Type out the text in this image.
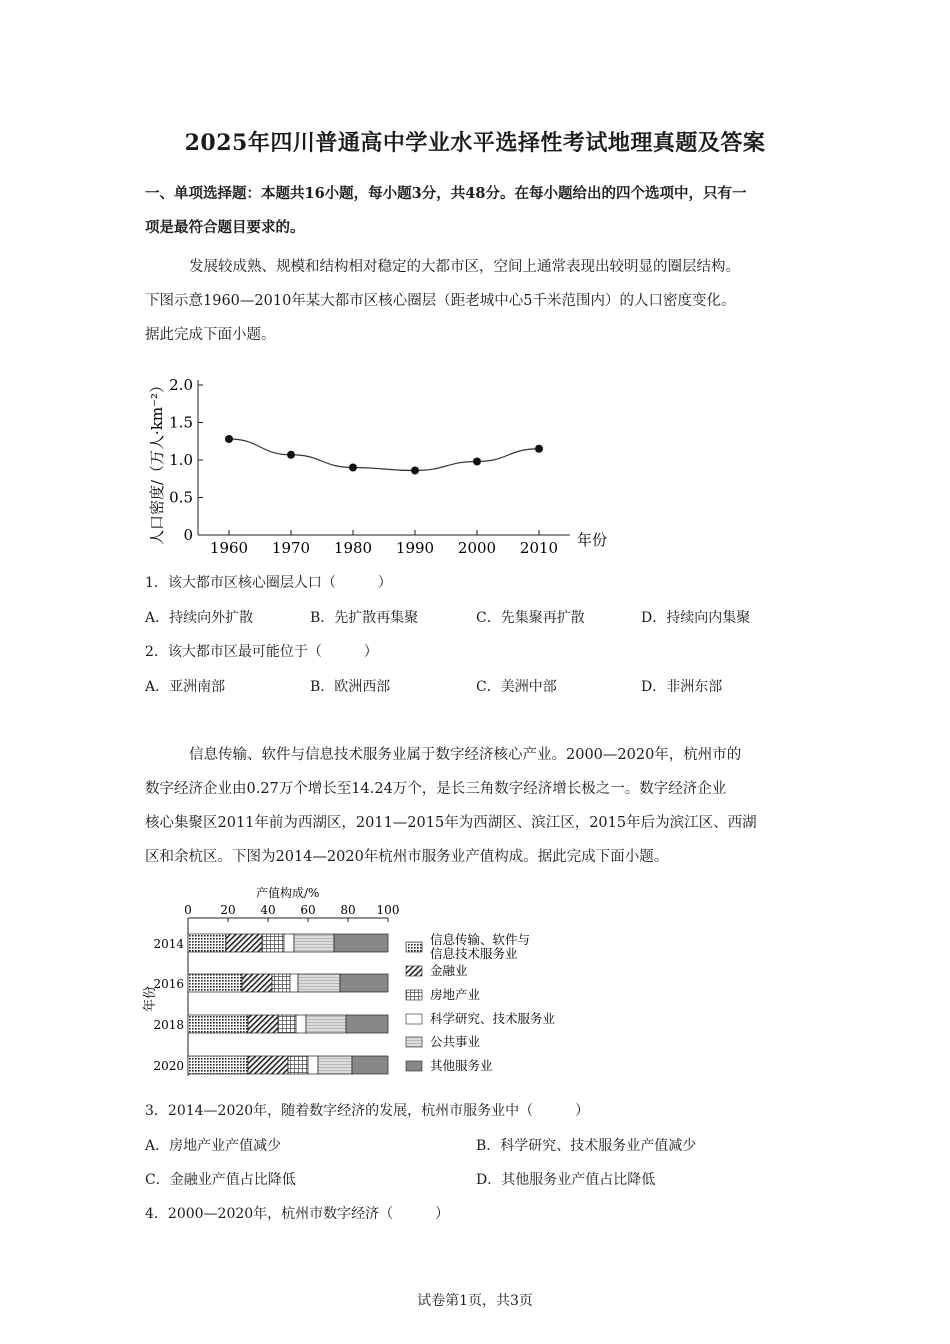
2025年四川普通高中学业水平选择性考试地理真题及答案
一、单项选择题：本题共16小题，每小题3分，共48分。在每小题给出的四个选项中，只有一
项是最符合题目要求的。
发展较成熟、规模和结构相对稳定的大都市区，空间上通常表现出较明显的圈层结构。
下图示意1960—2010年某大都市区核心圈层（距老城中心5千米范围内）的人口密度变化。
据此完成下面小题。
0
0.5
1.0
1.5
2.0
1960 1970 1980 1990 2000 2010 年份
人口密度/（万人·km⁻²）
1．该大都市区核心圈层人口（　　　）
A．持续向外扩散	B．先扩散再集聚	C．先集聚再扩散	D．持续向内集聚
2．该大都市区最可能位于（　　　）
A．亚洲南部	B．欧洲西部	C．美洲中部	D．非洲东部
信息传输、软件与信息技术服务业属于数字经济核心产业。2000—2020年，杭州市的
数字经济企业由0.27万个增长至14.24万个，是长三角数字经济增长极之一。数字经济企业
核心集聚区2011年前为西湖区，2011—2015年为西湖区、滨江区，2015年后为滨江区、西湖
区和余杭区。下图为2014—2020年杭州市服务业产值构成。据此完成下面小题。
产值构成/%
0 20 40 60 80 100
2014
2016
2018
2020
年份
信息传输、软件与
信息技术服务业
金融业
房地产业
科学研究、技术服务业
公共事业
其他服务业
3．2014—2020年，随着数字经济的发展，杭州市服务业中（　　　）
A．房地产业产值减少	B．科学研究、技术服务业产值减少
C．金融业产值占比降低	D．其他服务业产值占比降低
4．2000—2020年，杭州市数字经济（　　　）
试卷第1页，共3页
